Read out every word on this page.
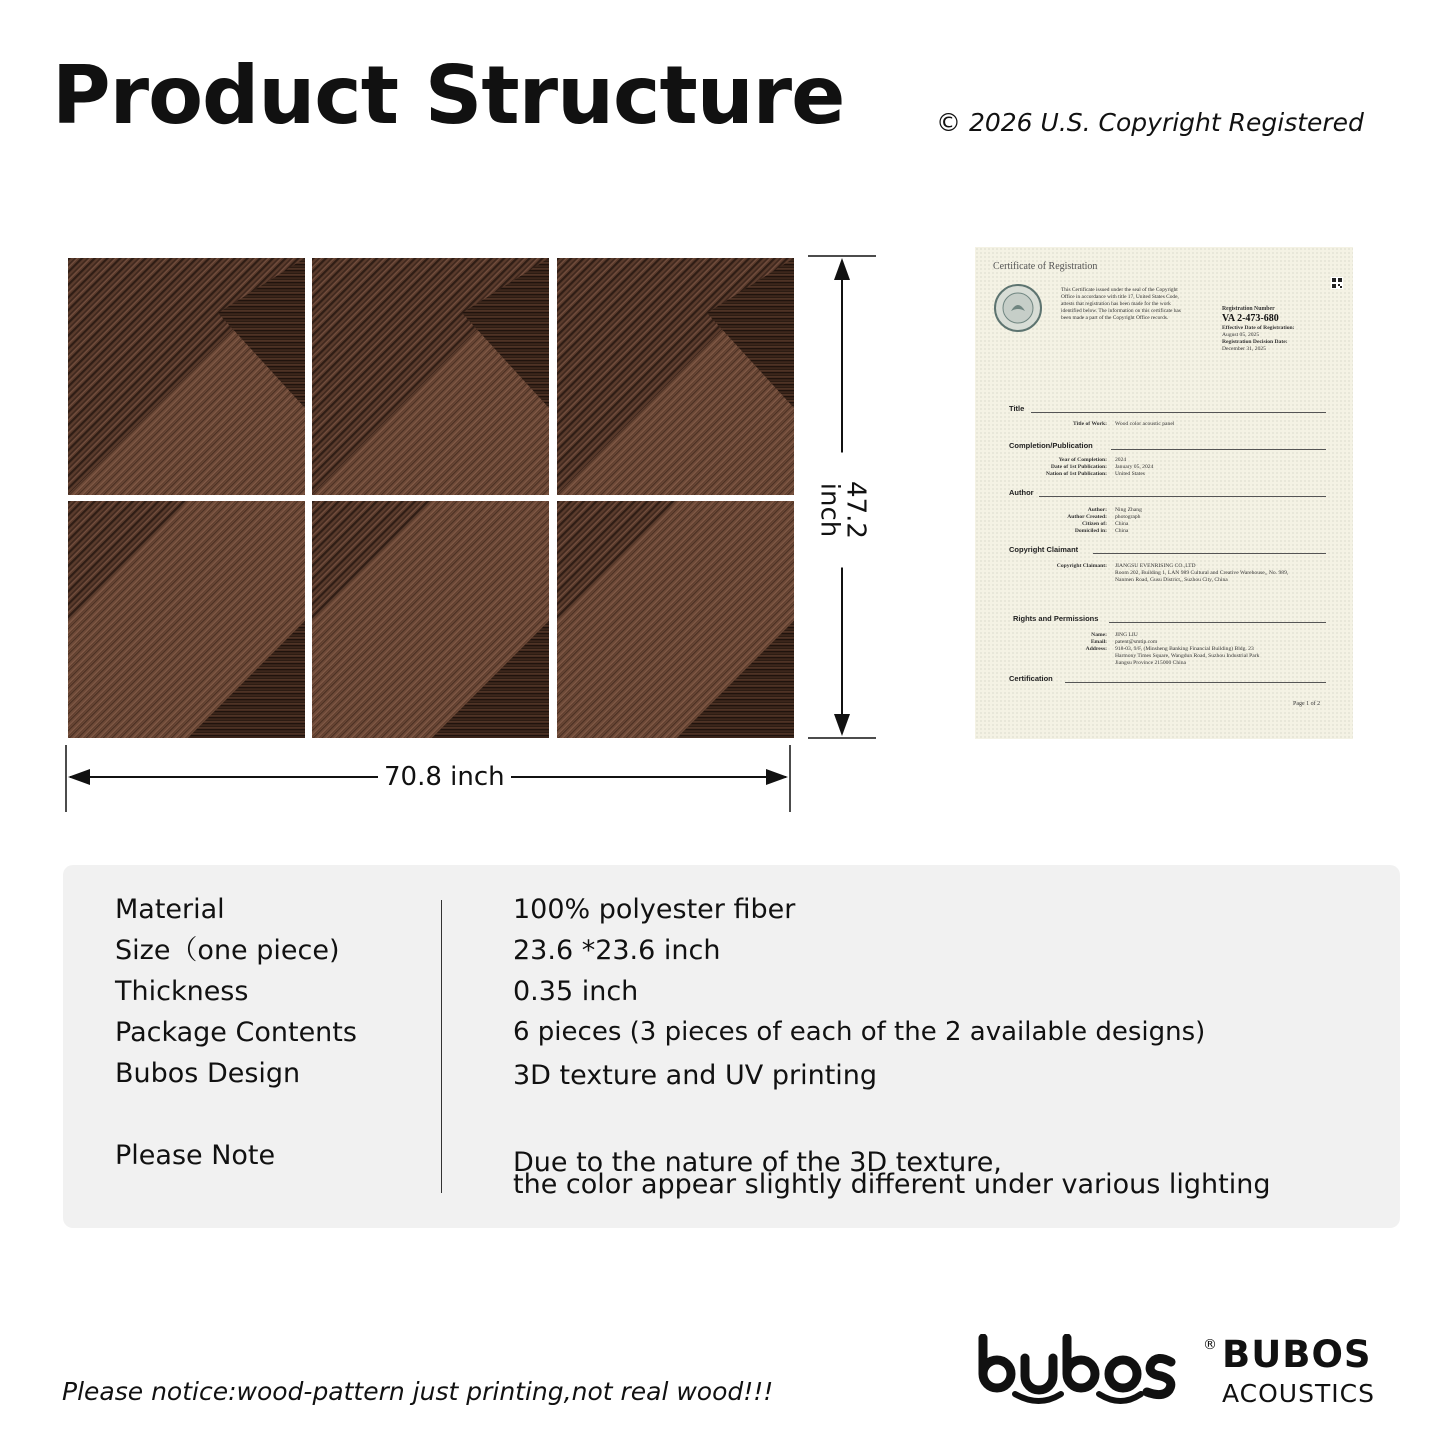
Product Structure	© 2026 U.S. Copyright Registered
47.2 inch
70.8 inch
Certificate of Registration
This Certificate issued under the seal of the Copyright
Office in accordance with title 17, United States Code,
attests that registration has been made for the work
identified below. The information on this certificate has
been made a part of the Copyright Office records.
Registration Number
VA 2-473-680
Effective Date of Registration:
August 05, 2025
Registration Decision Date:
December 31, 2025
Title
Title of Work: Wood color acoustic panel
Completion/Publication
Year of Completion: 2024
Date of 1st Publication: January 05, 2024
Nation of 1st Publication: United States
Author
Author: Ning Zhang
Author Created: photograph
Citizen of: China
Domiciled in: China
Copyright Claimant
Copyright Claimant: JIANGSU EVENRISING CO.,LTD
Room 202, Building 1, LAN 989 Cultural and Creative Warehouse,, No. 989,
Nanmen Road, Gusu District,, Suzhou City, China
Rights and Permissions
Name: JING LIU
Email: patent@smtip.com
Address: 918-03, 9/F, (Minsheng Banking Financial Building) Bldg. 23
Harmony Times Square, Wangdun Road, Suzhou Industrial Park
Jiangsu Province 215000 China
Certification
Page 1 of 2
Material	100% polyester fiber
Size（one piece)	23.6 *23.6 inch
Thickness	0.35 inch
Package Contents	6 pieces (3 pieces of each of the 2 available designs)
Bubos Design	3D texture and UV printing
Please Note	Due to the nature of the 3D texture,
the color appear slightly different under various lighting
Please notice:wood-pattern just printing,not real wood!!!
® BUBOS
ACOUSTICS
